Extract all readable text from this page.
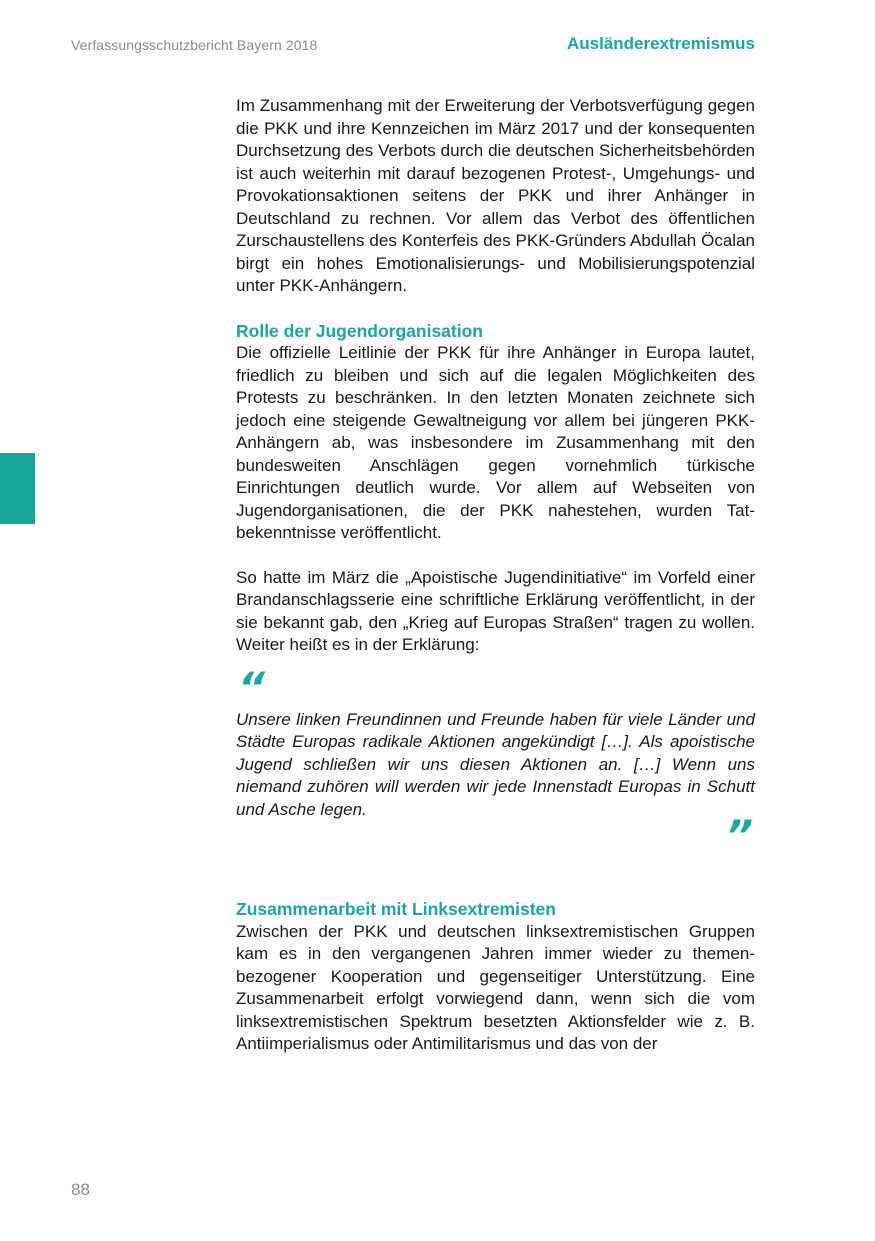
Verfassungsschutzbericht Bayern 2018	Ausländerextremismus

Im Zusammenhang mit der Erweiterung der Verbotsverfügung gegen die PKK und ihre Kennzeichen im März 2017 und der konsequenten Durchsetzung des Verbots durch die deutschen Sicherheitsbehörden ist auch weiterhin mit darauf bezogenen Protest-, Umgehungs- und Provokationsaktionen seitens der PKK und ihrer Anhänger in Deutschland zu rechnen. Vor allem das Verbot des öffentlichen Zurschaustellens des Konterfeis des PKK-Gründers Abdullah Öcalan birgt ein hohes Emotionalisierungs- und Mobilisierungspotenzial unter PKK-Anhängern.

Rolle der Jugendorganisation

Die offizielle Leitlinie der PKK für ihre Anhänger in Europa lautet, friedlich zu bleiben und sich auf die legalen Möglichkeiten des Protests zu beschränken. In den letzten Monaten zeichnete sich jedoch eine steigende Gewaltneigung vor allem bei jüngeren PKK-Anhängern ab, was insbesondere im Zusammenhang mit den bundesweiten Anschlägen gegen vornehmlich türkische Einrichtungen deutlich wurde. Vor allem auf Webseiten von Jugendorganisationen, die der PKK nahestehen, wurden Tatbekenntnisse veröffentlicht.

So hatte im März die „Apoistische Jugendinitiative“ im Vorfeld einer Brandanschlagsserie eine schriftliche Erklärung veröffentlicht, in der sie bekannt gab, den „Krieg auf Europas Straßen“ tragen zu wollen. Weiter heißt es in der Erklärung:

“

Unsere linken Freundinnen und Freunde haben für viele Länder und Städte Europas radikale Aktionen angekündigt […]. Als apoistische Jugend schließen wir uns diesen Aktionen an. […] Wenn uns niemand zuhören will werden wir jede Innenstadt Europas in Schutt und Asche legen.

”
Zusammenarbeit mit Linksextremisten

Zwischen der PKK und deutschen linksextremistischen Gruppen kam es in den vergangenen Jahren immer wieder zu themenbezogener Kooperation und gegenseitiger Unterstützung. Eine Zusammenarbeit erfolgt vorwiegend dann, wenn sich die vom linksextremistischen Spektrum besetzten Aktionsfelder wie z. B. Antiimperialismus oder Antimilitarismus und das von der

88
